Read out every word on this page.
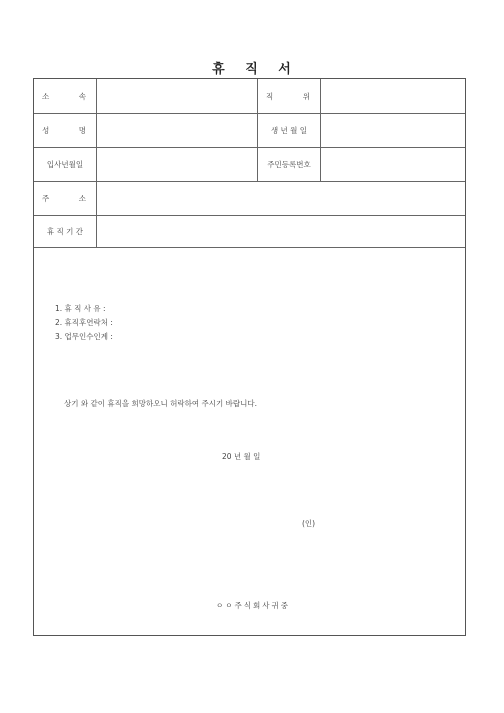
휴 직 서
소	속	직	위
성	명	생 년 월 일
입사년월일	주민등록번호
주	소
휴 직 기 간
1. 휴 직 사 유 :
2. 휴직후연락처 :
3. 업무인수인계 :
상기 와 같이 휴직을 희망하오니 허락하여 주시기 바랍니다.
20 년 월 일
(인)
ㅇㅇ주식회사귀중
